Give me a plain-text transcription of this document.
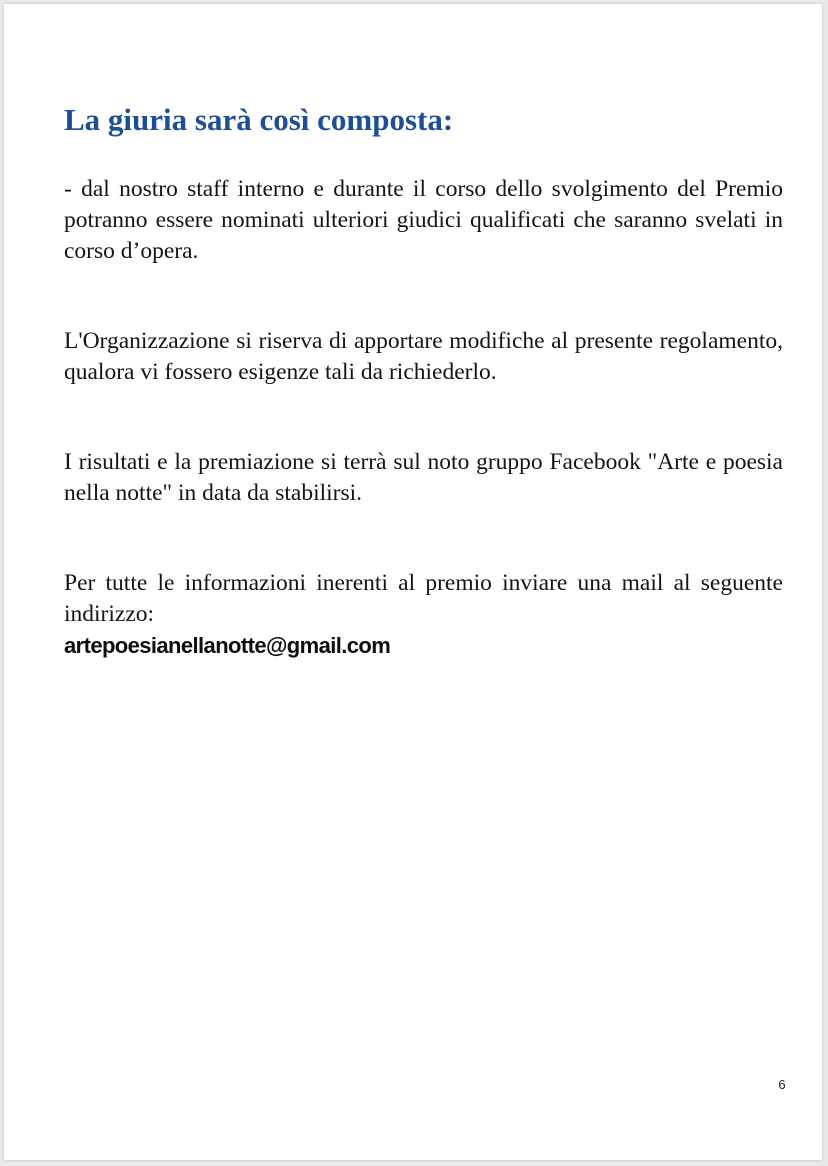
La giuria sarà così composta:

- dal nostro staff interno e durante il corso dello svolgimento del Premio potranno essere nominati ulteriori giudici qualificati che saranno svelati in corso d’opera.

L'Organizzazione si riserva di apportare modifiche al presente regolamento, qualora vi fossero esigenze tali da richiederlo.

I risultati e la premiazione si terrà sul noto gruppo Facebook "Arte e poesia nella notte" in data da stabilirsi.

Per tutte le informazioni inerenti al premio inviare una mail al seguente indirizzo:

artepoesianellanotte@gmail.com
6
